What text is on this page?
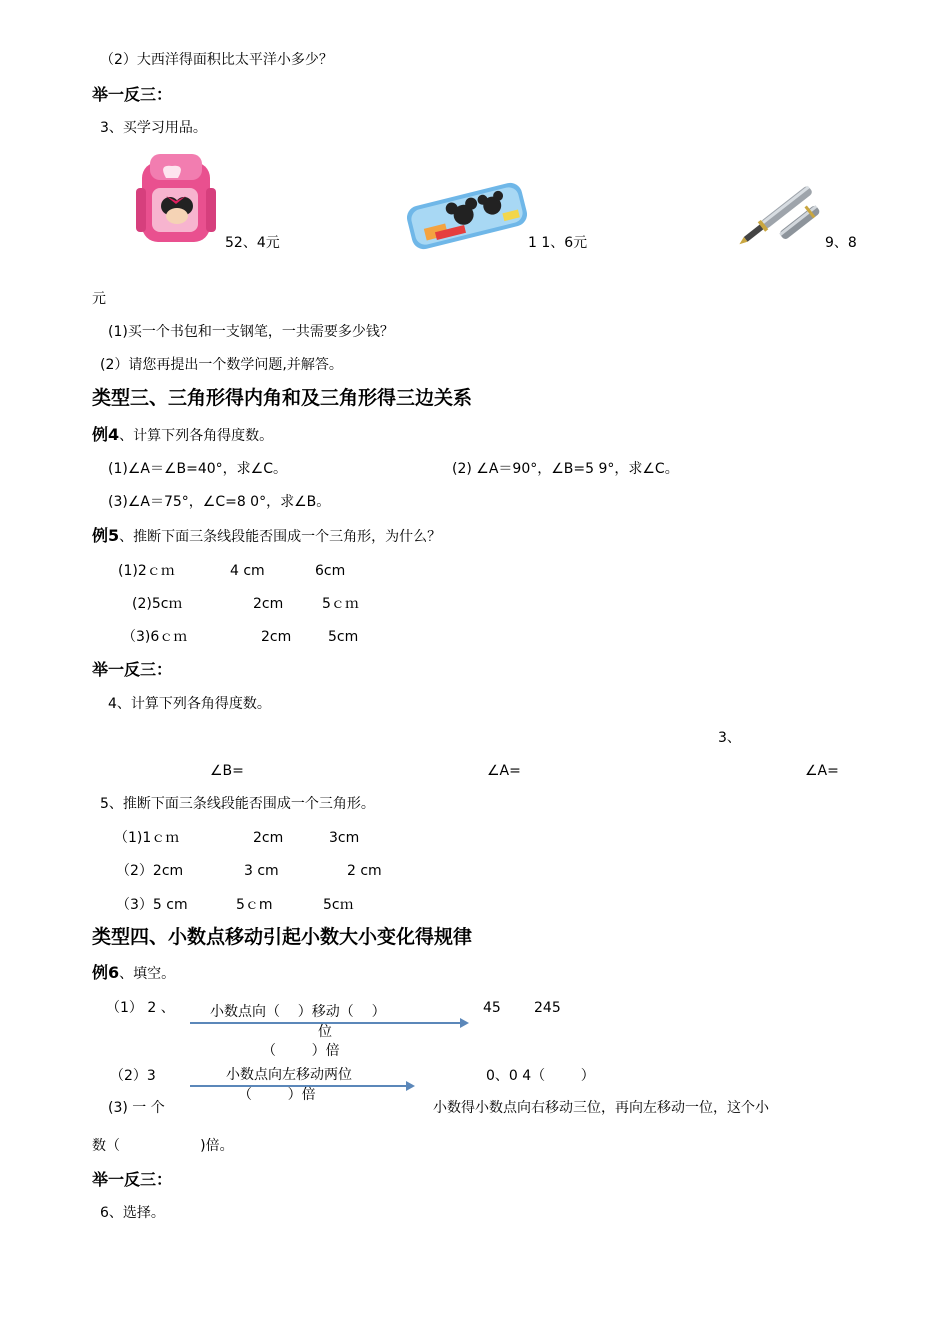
（2）大西洋得面积比太平洋小多少？
举一反三：
3、买学习用品。
52、4元	1 1、6元	9、8
元
(1)买一个书包和一支钢笔，一共需要多少钱？
(2）请您再提出一个数学问题,并解答。
类型三、三角形得内角和及三角形得三边关系
例4、计算下列各角得度数。
(1)∠A＝∠B=40°，求∠C。	(2) ∠A＝90°，∠B=5 9°，求∠C。
(3)∠A＝75°，∠C=8 0°，求∠B。
例5、推断下面三条线段能否围成一个三角形，为什么？
(1)2ｃｍ	4 cm	6cm
(2)5cｍ	2cm	5ｃｍ
（3)6ｃｍ	2cm	5cm
举一反三：
4、计算下列各角得度数。
3、
∠B=	∠A=	∠A=
5、推断下面三条线段能否围成一个三角形。
（1)1ｃｍ	2cm	3cm
（2）2cm	3 cm	2 cm
（3）5 cm	5ｃm	5cｍ
类型四、小数点移动引起小数大小变化得规律
例6、填空。
（1） 2 、	小数点向（    ）移动（    ）
位
45 245
（        ）倍
（2）3	小数点向左移动两位
（        ）倍
0、0 4（        ）
(3) 一 个	小数得小数点向右移动三位，再向左移动一位，这个小
数（                  )倍。
举一反三：
6、选择。
